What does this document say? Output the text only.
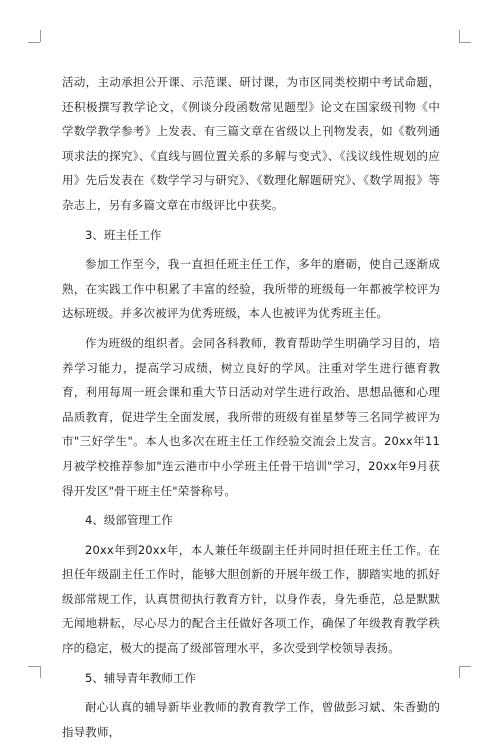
活动，主动承担公开课、示范课、研讨课，为市区同类校期中考试命题，还积极撰写教学论文，《例谈分段函数常见题型》论文在国家级刊物《中学数学教学参考》上发表、有三篇文章在省级以上刊物发表，如《数列通项求法的探究》、《直线与圆位置关系的多解与变式》、《浅议线性规划的应用》先后发表在《数学学习与研究》、《数理化解题研究》、《数学周报》等杂志上，另有多篇文章在市级评比中获奖。

3、班主任工作

参加工作至今，我一直担任班主任工作，多年的磨砺，使自己逐渐成熟，在实践工作中积累了丰富的经验，我所带的班级每一年都被学校评为达标班级。并多次被评为优秀班级，本人也被评为优秀班主任。

作为班级的组织者。会同各科教师，教育帮助学生明确学习目的，培养学习能力，提高学习成绩，树立良好的学风。注重对学生进行德育教育，利用每周一班会课和重大节日活动对学生进行政治、思想品德和心理品质教育，促进学生全面发展，我所带的班级有崔星梦等三名同学被评为市"三好学生"。本人也多次在班主任工作经验交流会上发言。20xx年11月被学校推荐参加"连云港市中小学班主任骨干培训"学习，20xx年9月获得开发区"骨干班主任"荣誉称号。

4、级部管理工作

20xx年到20xx年，本人兼任年级副主任并同时担任班主任工作。在担任年级副主任工作时，能够大胆创新的开展年级工作，脚踏实地的抓好级部常规工作，认真贯彻执行教育方针，以身作表，身先垂范，总是默默无闻地耕耘，尽心尽力的配合主任做好各项工作，确保了年级教育教学秩序的稳定，极大的提高了级部管理水平，多次受到学校领导表扬。

5、辅导青年教师工作

耐心认真的辅导新毕业教师的教育教学工作，曾做彭习斌、朱香勤的指导教师，
